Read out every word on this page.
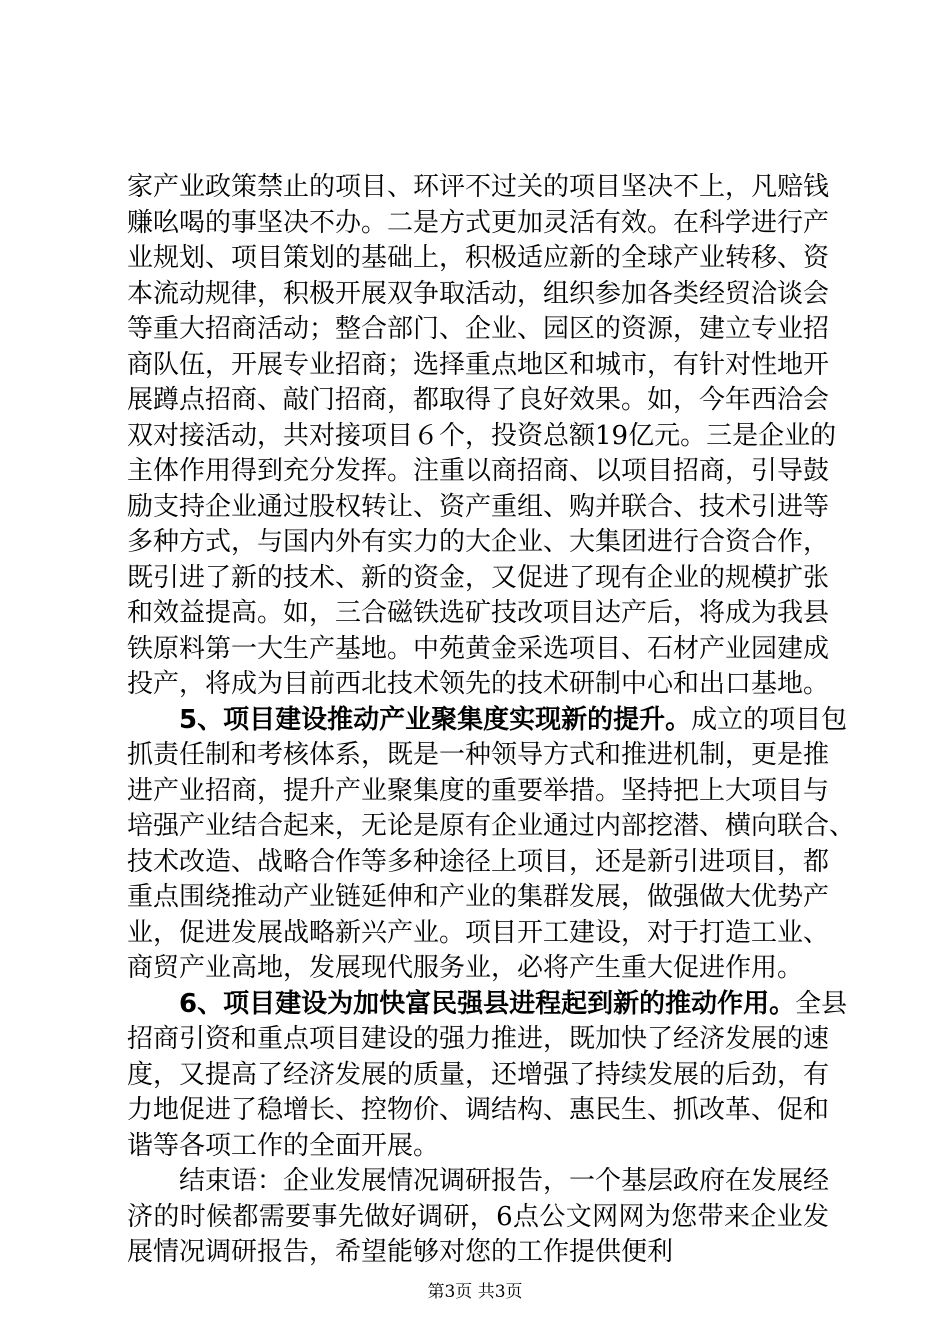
家产业政策禁止的项目、环评不过关的项目坚决不上，凡赔钱
赚吆喝的事坚决不办。二是方式更加灵活有效。在科学进行产
业规划、项目策划的基础上，积极适应新的全球产业转移、资
本流动规律，积极开展双争取活动，组织参加各类经贸洽谈会
等重大招商活动；整合部门、企业、园区的资源，建立专业招
商队伍，开展专业招商；选择重点地区和城市，有针对性地开
展蹲点招商、敲门招商，都取得了良好效果。如，今年西洽会
双对接活动，共对接项目６个，投资总额19亿元。三是企业的
主体作用得到充分发挥。注重以商招商、以项目招商，引导鼓
励支持企业通过股权转让、资产重组、购并联合、技术引进等
多种方式，与国内外有实力的大企业、大集团进行合资合作，
既引进了新的技术、新的资金，又促进了现有企业的规模扩张
和效益提高。如，三合磁铁选矿技改项目达产后，将成为我县
铁原料第一大生产基地。中苑黄金采选项目、石材产业园建成
投产，将成为目前西北技术领先的技术研制中心和出口基地。
5、项目建设推动产业聚集度实现新的提升。成立的项目包
抓责任制和考核体系，既是一种领导方式和推进机制，更是推
进产业招商，提升产业聚集度的重要举措。坚持把上大项目与
培强产业结合起来，无论是原有企业通过内部挖潜、横向联合、
技术改造、战略合作等多种途径上项目，还是新引进项目，都
重点围绕推动产业链延伸和产业的集群发展，做强做大优势产
业，促进发展战略新兴产业。项目开工建设，对于打造工业、
商贸产业高地，发展现代服务业，必将产生重大促进作用。
6、项目建设为加快富民强县进程起到新的推动作用。全县
招商引资和重点项目建设的强力推进，既加快了经济发展的速
度，又提高了经济发展的质量，还增强了持续发展的后劲，有
力地促进了稳增长、控物价、调结构、惠民生、抓改革、促和
谐等各项工作的全面开展。
结束语：企业发展情况调研报告，一个基层政府在发展经
济的时候都需要事先做好调研，6点公文网网为您带来企业发
展情况调研报告，希望能够对您的工作提供便利
第3页 共3页
